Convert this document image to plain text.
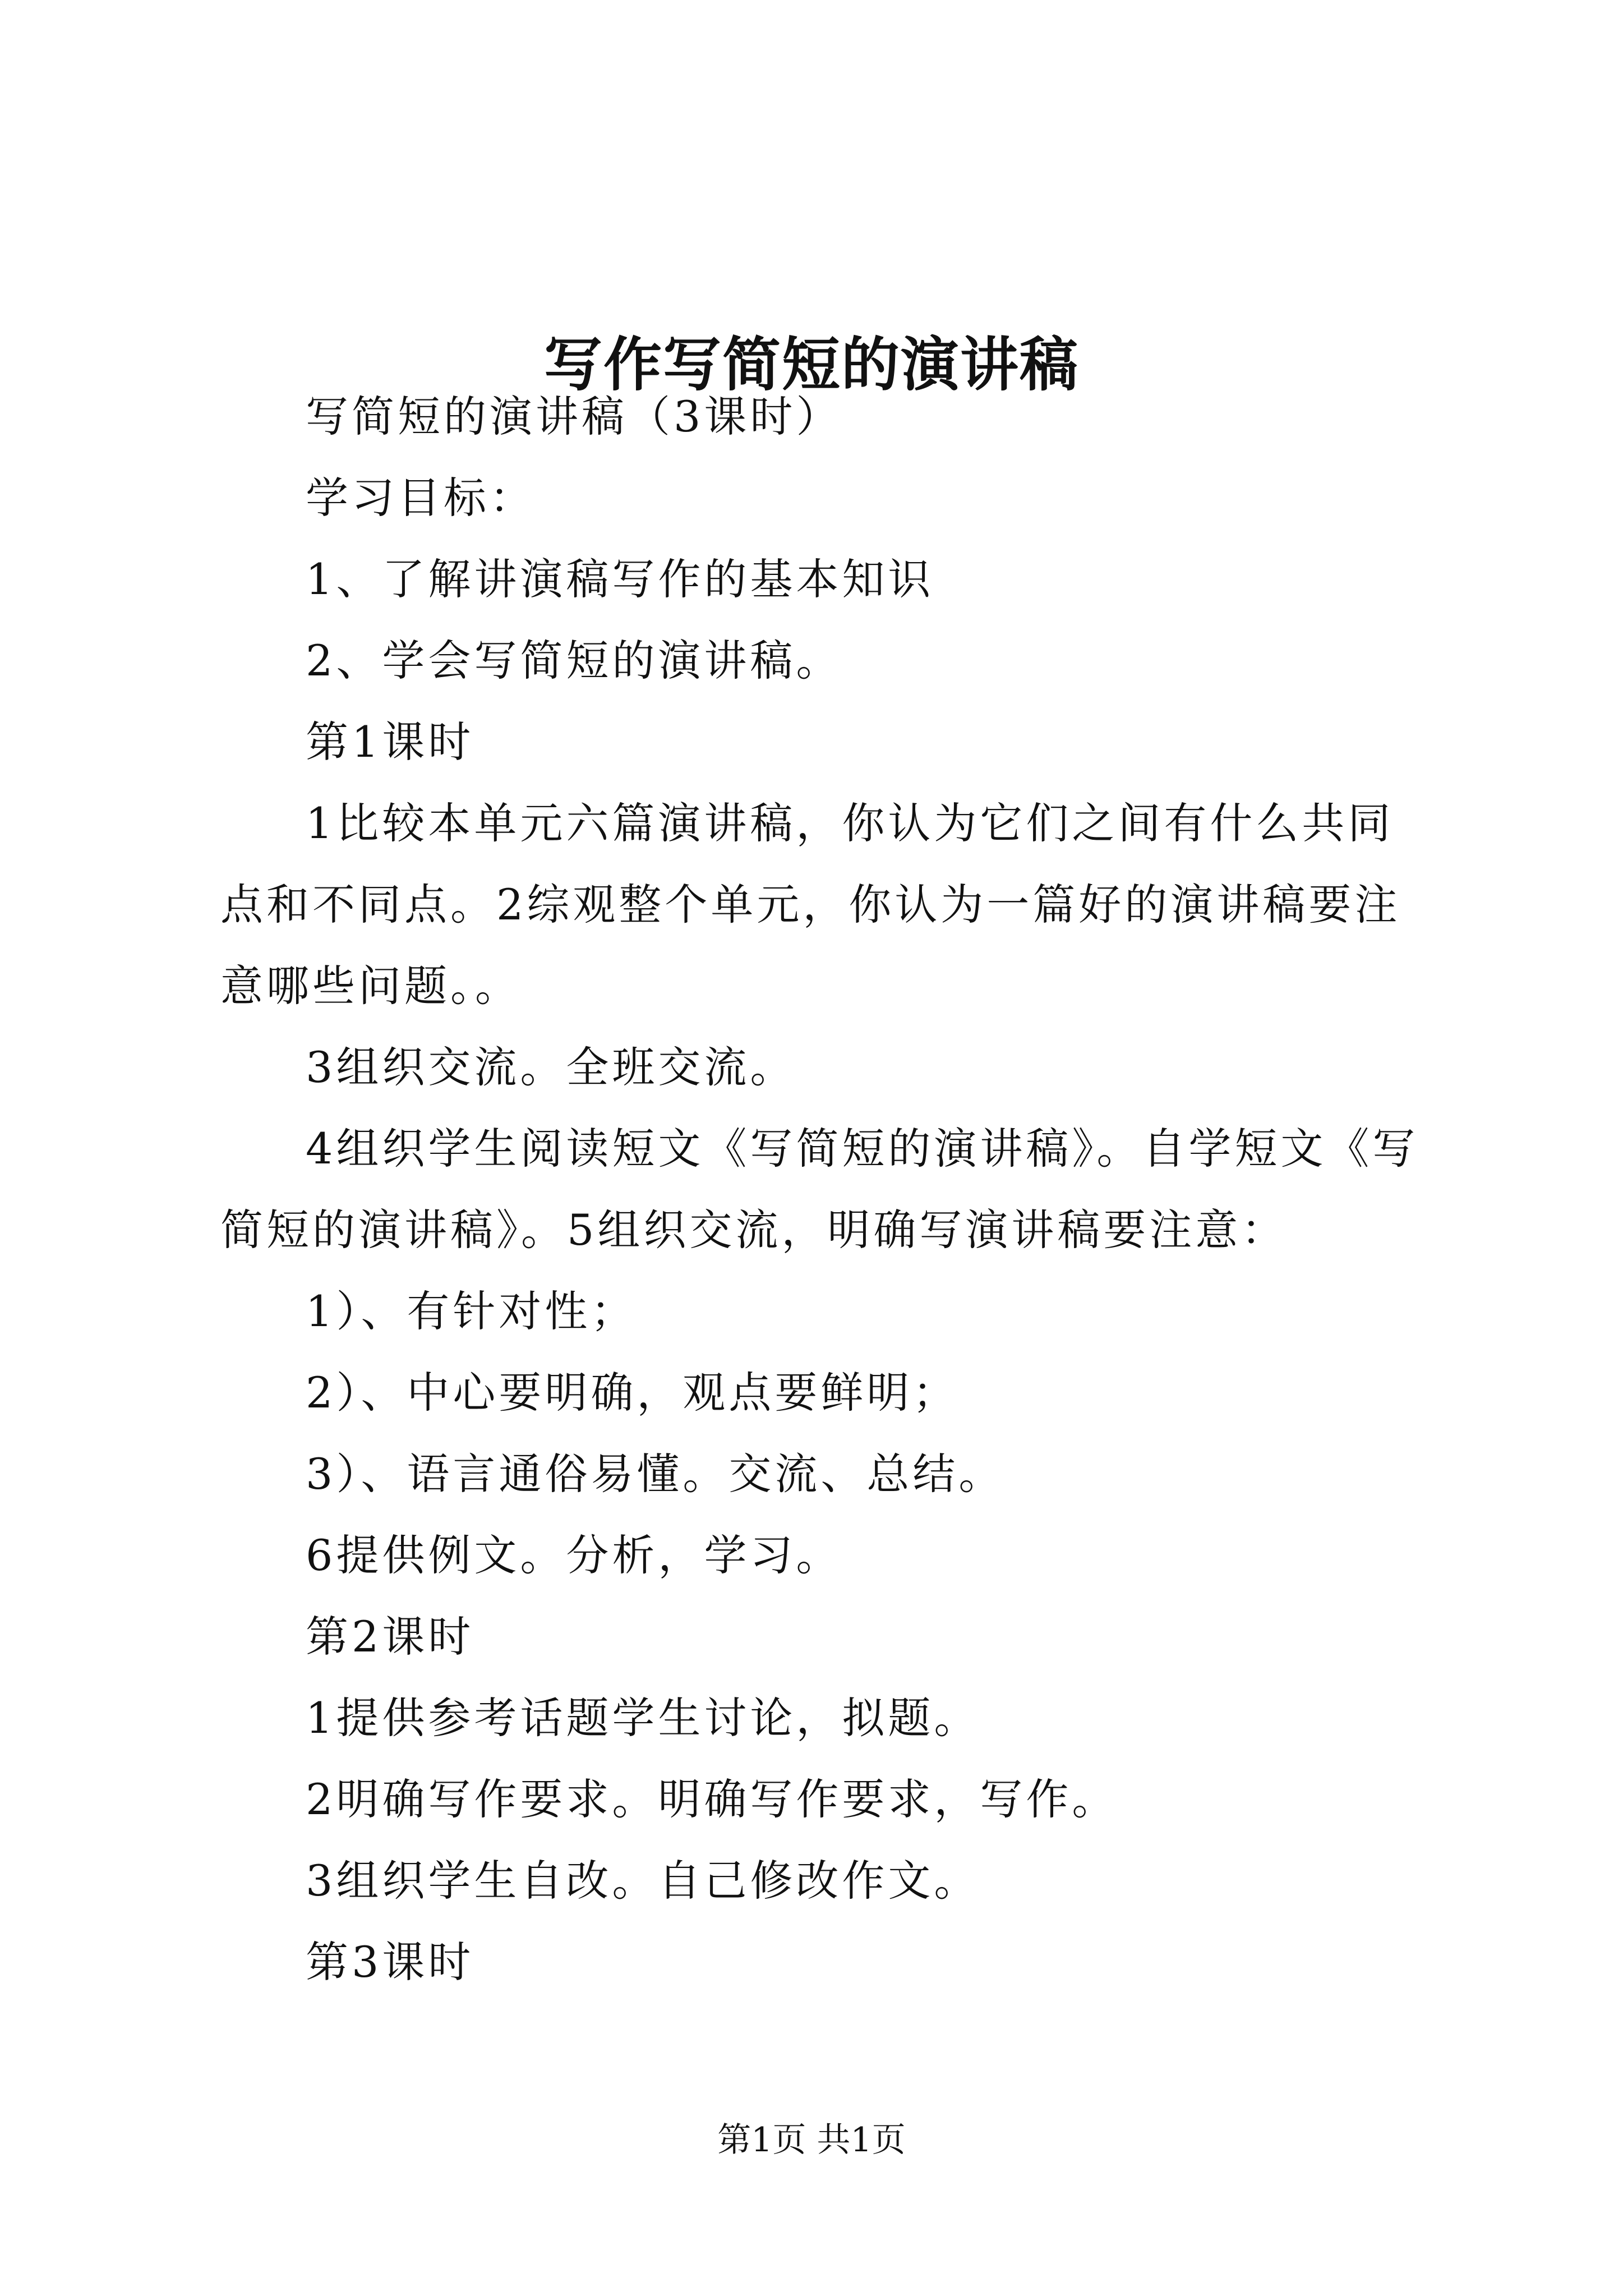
写作写简短的演讲稿

写简短的演讲稿（3课时）

学习目标：

1、了解讲演稿写作的基本知识

2、学会写简短的演讲稿。

第1课时

1比较本单元六篇演讲稿，你认为它们之间有什么共同点和不同点。2综观整个单元，你认为一篇好的演讲稿要注意哪些问题。。

3组织交流。全班交流。

4组织学生阅读短文《写简短的演讲稿》。自学短文《写简短的演讲稿》。5组织交流，明确写演讲稿要注意：

1）、有针对性；

2）、中心要明确，观点要鲜明；

3）、语言通俗易懂。交流、总结。

6提供例文。分析，学习。

第2课时

1提供参考话题学生讨论，拟题。

2明确写作要求。明确写作要求，写作。

3组织学生自改。自己修改作文。

第3课时

第1页 共1页
